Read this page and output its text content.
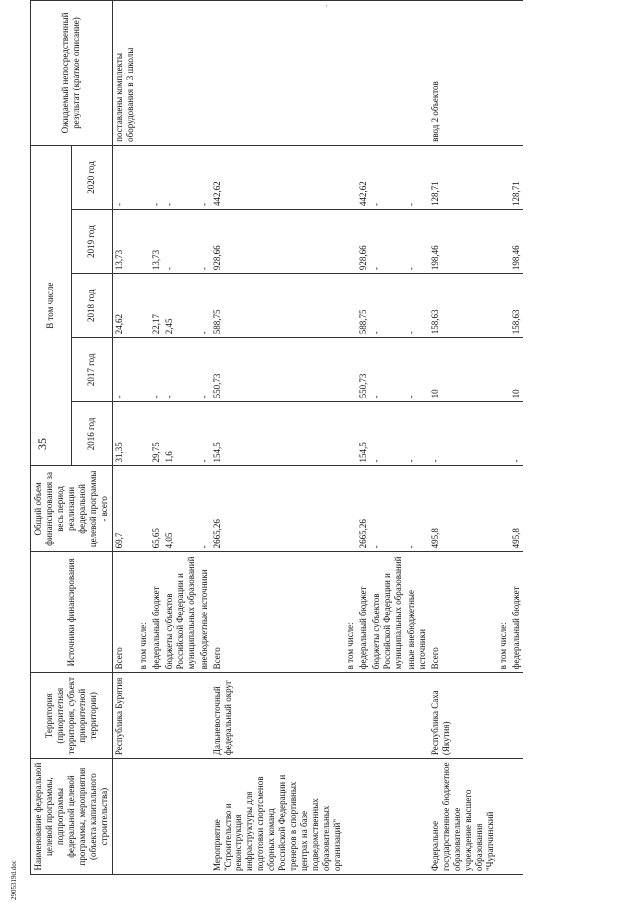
'
35
Наименование федеральной целевой программы, подпрограммы федеральной целевой программы, мероприятия (объекта капитального строительства)	Территория (приоритетная территория, субъект приоритетной территории)	Источники финансирования	Общий объем финансирования за весь период реализации федеральной целевой программы - всего	В том числе					Ожидаемый непосредственный результат (краткое описание)
				2016 год	2017 год	2018 год	2019 год	2020 год	
	Республика Бурятия	Всего	69,7	31,35	-	24,62	13,73	-	поставлены комплекты оборудования в 3 школы
		в том числе:							
		федеральный бюджет	65,65	29,75	-	22,17	13,73	-	
		бюджеты субъектов Российской Федерации и муниципальных образований	4,05	1,6	-	2,45	-	-	
		внебюджетные источники	-	-	-	-	-	-	
Мероприятие "Строительство и реконструкция инфраструктуры для подготовки спортсменов сборных команд Российской Федерации и тренеров в спортивных центрах на базе подведомственных образовательных организаций"	Дальневосточный федеральный округ	Всего	2665,26	154,5	550,73	588,75	928,66	442,62	
		в том числе:							
		федеральный бюджет	2665,26	154,5	550,73	588,75	928,66	442,62	
		бюджеты субъектов Российской Федерации и муниципальных образований	-	-	-	-	-	-	
		иные внебюджетные источники	-	-	-	-	-	-	
Федеральное государственное бюджетное образовательное учреждение высшего образования "Чурапчинский	Республика Саха (Якутия)	Всего	495,8	-	10	158,63	198,46	128,71	ввод 2 объектов
		в том числе:							
		федеральный бюджет	495,8	-	10	158,63	198,46	128,71	
2905319d.doc
